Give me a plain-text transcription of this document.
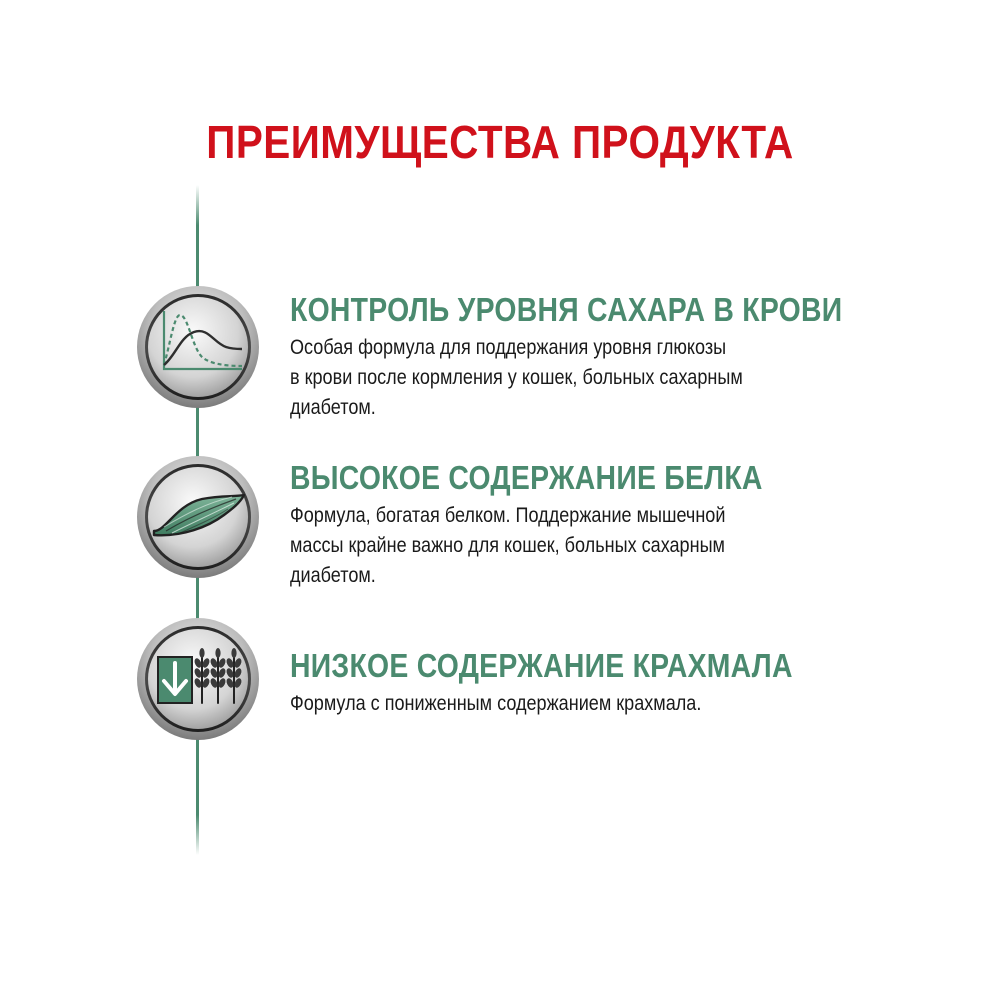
ПРЕИМУЩЕСТВА ПРОДУКТА
КОНТРОЛЬ УРОВНЯ САХАРА В КРОВИ
Особая формула для поддержания уровня глюкозы
в крови после кормления у кошек, больных сахарным
диабетом.
ВЫСОКОЕ СОДЕРЖАНИЕ БЕЛКА
Формула, богатая белком. Поддержание мышечной
массы крайне важно для кошек, больных сахарным
диабетом.
НИЗКОЕ СОДЕРЖАНИЕ КРАХМАЛА
Формула с пониженным содержанием крахмала.
